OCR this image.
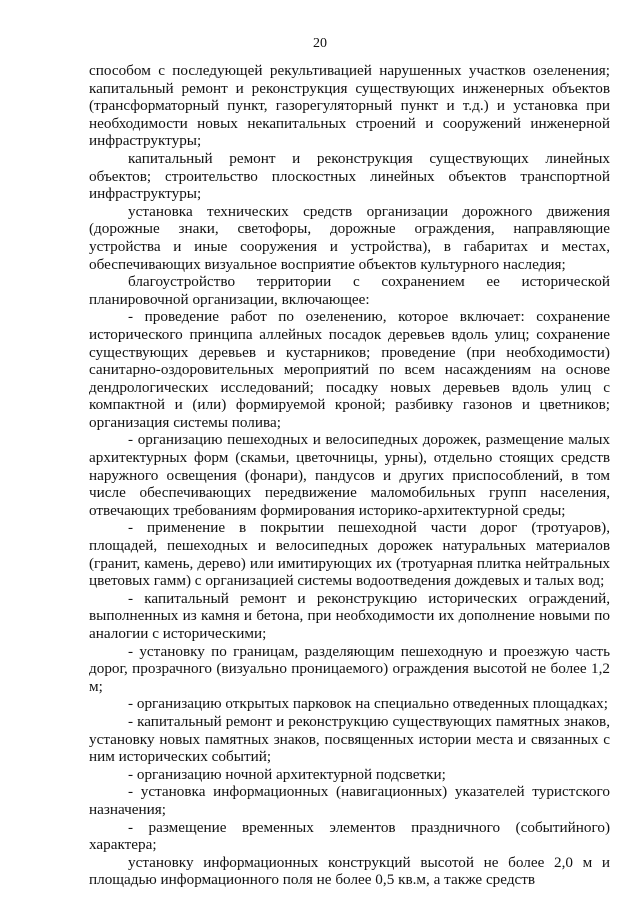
20

способом с последующей рекультивацией нарушенных участков озеленения; капитальный ремонт и реконструкция существующих инженерных объектов (трансформаторный пункт, газорегуляторный пункт и т.д.) и установка при необходимости новых некапитальных строений и сооружений инженерной инфраструктуры;

капитальный ремонт и реконструкция существующих линейных объектов; строительство плоскостных линейных объектов транспортной инфраструктуры;

установка технических средств организации дорожного движения (дорожные знаки, светофоры, дорожные ограждения, направляющие устройства и иные сооружения и устройства), в габаритах и местах, обеспечивающих визуальное восприятие объектов культурного наследия;

благоустройство территории с сохранением ее исторической планировочной организации, включающее:

- проведение работ по озеленению, которое включает: сохранение исторического принципа аллейных посадок деревьев вдоль улиц; сохранение существующих деревьев и кустарников; проведение (при необходимости) санитарно-оздоровительных мероприятий по всем насаждениям на основе дендрологических исследований; посадку новых деревьев вдоль улиц с компактной и (или) формируемой кроной; разбивку газонов и цветников; организация системы полива;

- организацию пешеходных и велосипедных дорожек, размещение малых архитектурных форм (скамьи, цветочницы, урны), отдельно стоящих средств наружного освещения (фонари), пандусов и других приспособлений, в том числе обеспечивающих передвижение маломобильных групп населения, отвечающих требованиям формирования историко-архитектурной среды;

- применение в покрытии пешеходной части дорог (тротуаров), площадей, пешеходных и велосипедных дорожек натуральных материалов (гранит, камень, дерево) или имитирующих их (тротуарная плитка нейтральных цветовых гамм) с организацией системы водоотведения дождевых и талых вод;

- капитальный ремонт и реконструкцию исторических ограждений, выполненных из камня и бетона, при необходимости их дополнение новыми по аналогии с историческими;

- установку по границам, разделяющим пешеходную и проезжую часть дорог, прозрачного (визуально проницаемого) ограждения высотой не более 1,2 м;

- организацию открытых парковок на специально отведенных площадках;

- капитальный ремонт и реконструкцию существующих памятных знаков, установку новых памятных знаков, посвященных истории места и связанных с ним исторических событий;

- организацию ночной архитектурной подсветки;

- установка информационных (навигационных) указателей туристского назначения;

- размещение временных элементов праздничного (событийного) характера;

установку информационных конструкций высотой не более 2,0 м и площадью информационного поля не более 0,5 кв.м, а также средств
